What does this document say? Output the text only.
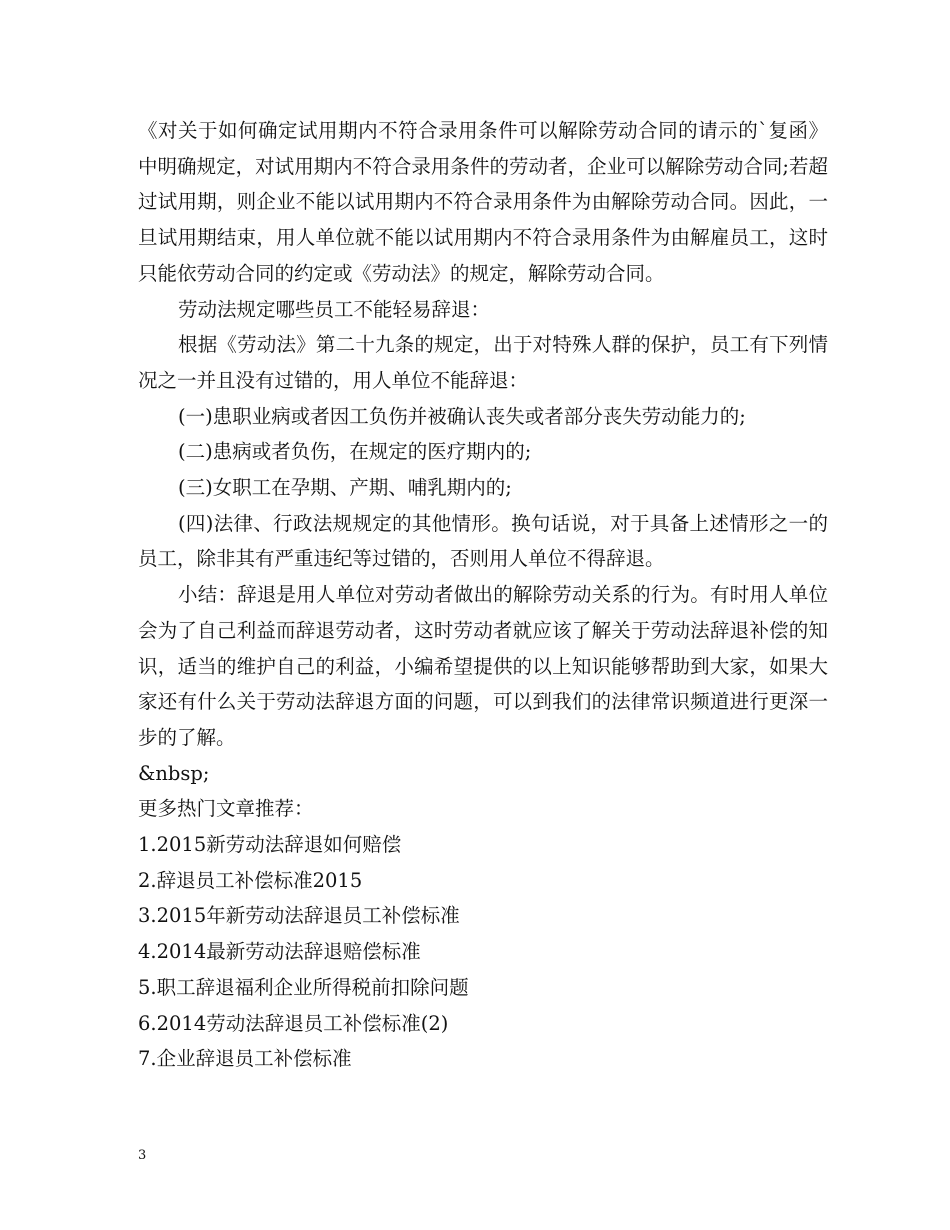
《对关于如何确定试用期内不符合录用条件可以解除劳动合同的请示的`复函》中明确规定，对试用期内不符合录用条件的劳动者，企业可以解除劳动合同;若超过试用期，则企业不能以试用期内不符合录用条件为由解除劳动合同。因此，一旦试用期结束，用人单位就不能以试用期内不符合录用条件为由解雇员工，这时只能依劳动合同的约定或《劳动法》的规定，解除劳动合同。

劳动法规定哪些员工不能轻易辞退：

根据《劳动法》第二十九条的规定，出于对特殊人群的保护，员工有下列情况之一并且没有过错的，用人单位不能辞退：

(一)患职业病或者因工负伤并被确认丧失或者部分丧失劳动能力的;

(二)患病或者负伤，在规定的医疗期内的;

(三)女职工在孕期、产期、哺乳期内的;

(四)法律、行政法规规定的其他情形。换句话说，对于具备上述情形之一的员工，除非其有严重违纪等过错的，否则用人单位不得辞退。

小结：辞退是用人单位对劳动者做出的解除劳动关系的行为。有时用人单位会为了自己利益而辞退劳动者，这时劳动者就应该了解关于劳动法辞退补偿的知识，适当的维护自己的利益，小编希望提供的以上知识能够帮助到大家，如果大家还有什么关于劳动法辞退方面的问题，可以到我们的法律常识频道进行更深一步的了解。

&nbsp;

更多热门文章推荐：

1.2015新劳动法辞退如何赔偿
2.辞退员工补偿标准2015
3.2015年新劳动法辞退员工补偿标准
4.2014最新劳动法辞退赔偿标准
5.职工辞退福利企业所得税前扣除问题
6.2014劳动法辞退员工补偿标准(2)
7.企业辞退员工补偿标准
3
